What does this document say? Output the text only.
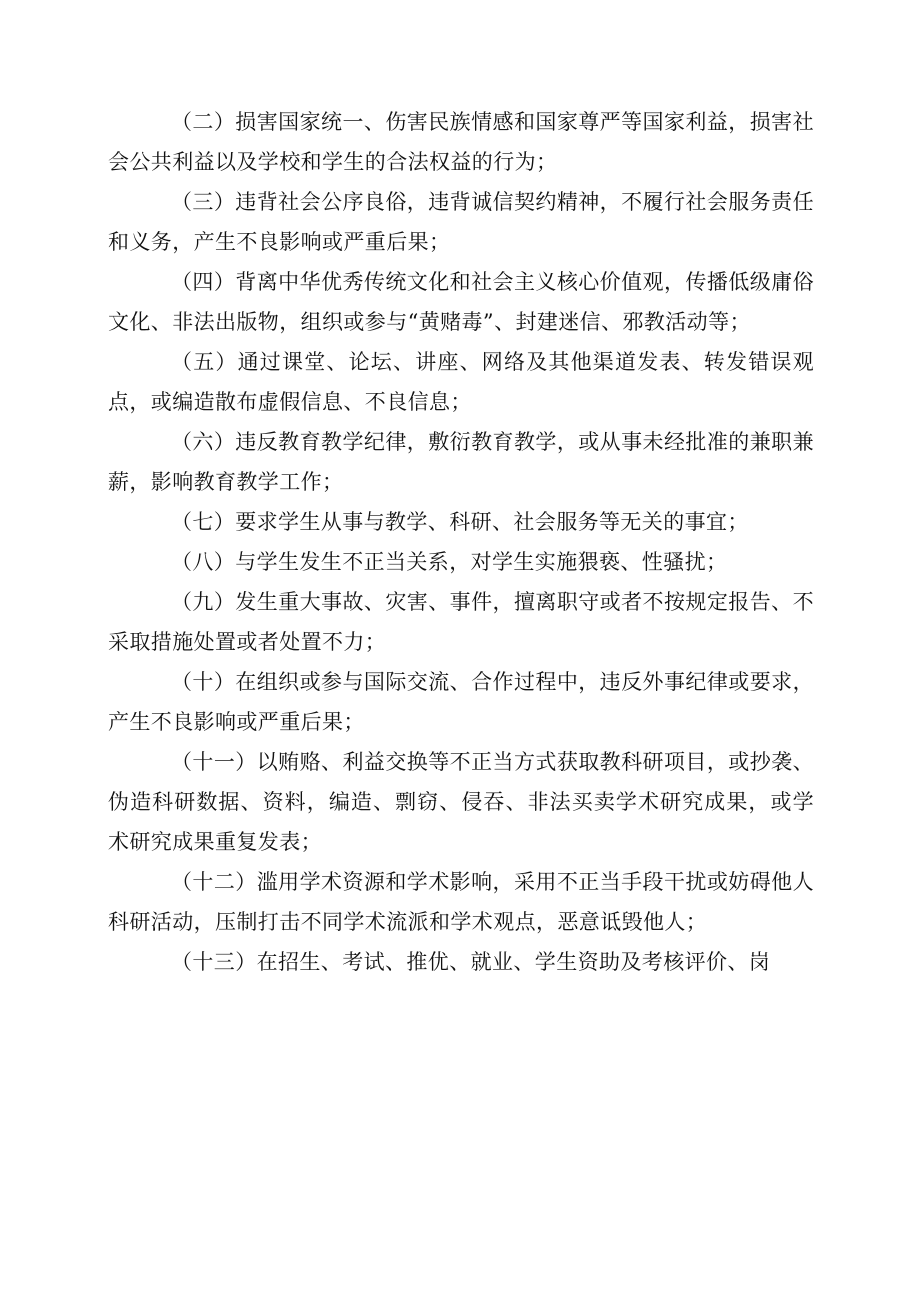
（二）损害国家统一、伤害民族情感和国家尊严等国家利益，损害社会公共利益以及学校和学生的合法权益的行为；

（三）违背社会公序良俗，违背诚信契约精神，不履行社会服务责任和义务，产生不良影响或严重后果；

（四）背离中华优秀传统文化和社会主义核心价值观，传播低级庸俗文化、非法出版物，组织或参与“黄赌毒”、封建迷信、邪教活动等；

（五）通过课堂、论坛、讲座、网络及其他渠道发表、转发错误观点，或编造散布虚假信息、不良信息；

（六）违反教育教学纪律，敷衍教育教学，或从事未经批准的兼职兼薪，影响教育教学工作；

（七）要求学生从事与教学、科研、社会服务等无关的事宜；

（八）与学生发生不正当关系，对学生实施猥亵、性骚扰；

（九）发生重大事故、灾害、事件，擅离职守或者不按规定报告、不采取措施处置或者处置不力；

（十）在组织或参与国际交流、合作过程中，违反外事纪律或要求，产生不良影响或严重后果；

（十一）以贿赂、利益交换等不正当方式获取教科研项目，或抄袭、伪造科研数据、资料，编造、剽窃、侵吞、非法买卖学术研究成果，或学术研究成果重复发表；

（十二）滥用学术资源和学术影响，采用不正当手段干扰或妨碍他人科研活动，压制打击不同学术流派和学术观点，恶意诋毁他人；

（十三）在招生、考试、推优、就业、学生资助及考核评价、岗
